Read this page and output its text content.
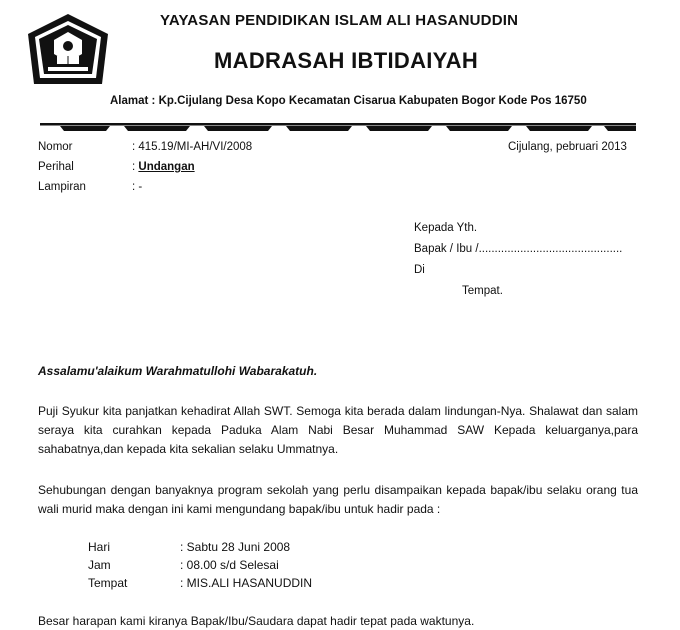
YAYASAN PENDIDIKAN ISLAM ALI HASANUDDIN
MADRASAH IBTIDAIYAH
Alamat : Kp.Cijulang Desa Kopo Kecamatan Cisarua Kabupaten Bogor Kode Pos 16750
Nomor	: 415.19/MI-AH/VI/2008	Cijulang, pebruari 2013
Perihal	: Undangan
Lampiran	: -
Kepada Yth.
Bapak / Ibu /.............................................
Di
Tempat.
Assalamu'alaikum Warahmatullohi Wabarakatuh.
Puji Syukur kita panjatkan kehadirat Allah SWT. Semoga kita berada dalam lindungan-Nya. Shalawat dan salam seraya kita curahkan kepada Paduka Alam Nabi Besar Muhammad SAW Kepada keluarganya,para sahabatnya,dan kepada kita sekalian selaku Ummatnya.
Sehubungan dengan banyaknya program sekolah yang perlu disampaikan kepada bapak/ibu selaku orang tua wali murid maka dengan ini kami mengundang bapak/ibu untuk hadir pada :
Hari	: Sabtu 28 Juni 2008
Jam	: 08.00 s/d Selesai
Tempat	: MIS.ALI HASANUDDIN
Besar harapan kami kiranya Bapak/Ibu/Saudara dapat hadir tepat pada waktunya.
